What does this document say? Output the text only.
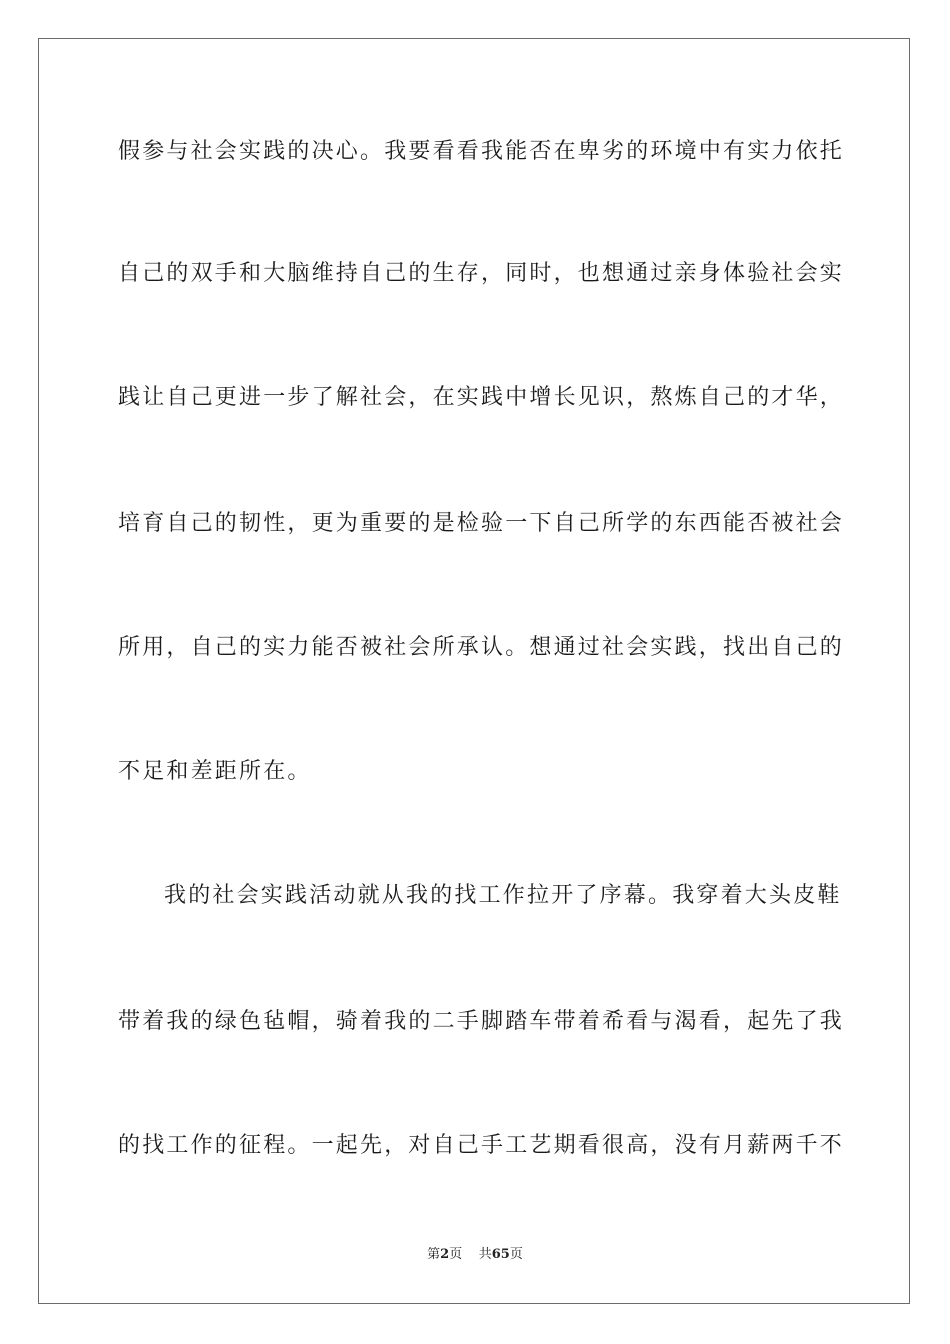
假参与社会实践的决心。我要看看我能否在卑劣的环境中有实力依托
自己的双手和大脑维持自己的生存，同时，也想通过亲身体验社会实
践让自己更进一步了解社会，在实践中增长见识，熬炼自己的才华，
培育自己的韧性，更为重要的是检验一下自己所学的东西能否被社会
所用，自己的实力能否被社会所承认。想通过社会实践，找出自己的
不足和差距所在。
我的社会实践活动就从我的找工作拉开了序幕。我穿着大头皮鞋
带着我的绿色毡帽，骑着我的二手脚踏车带着希看与渴看，起先了我
的找工作的征程。一起先，对自己手工艺期看很高，没有月薪两千不
第2页 共65页
